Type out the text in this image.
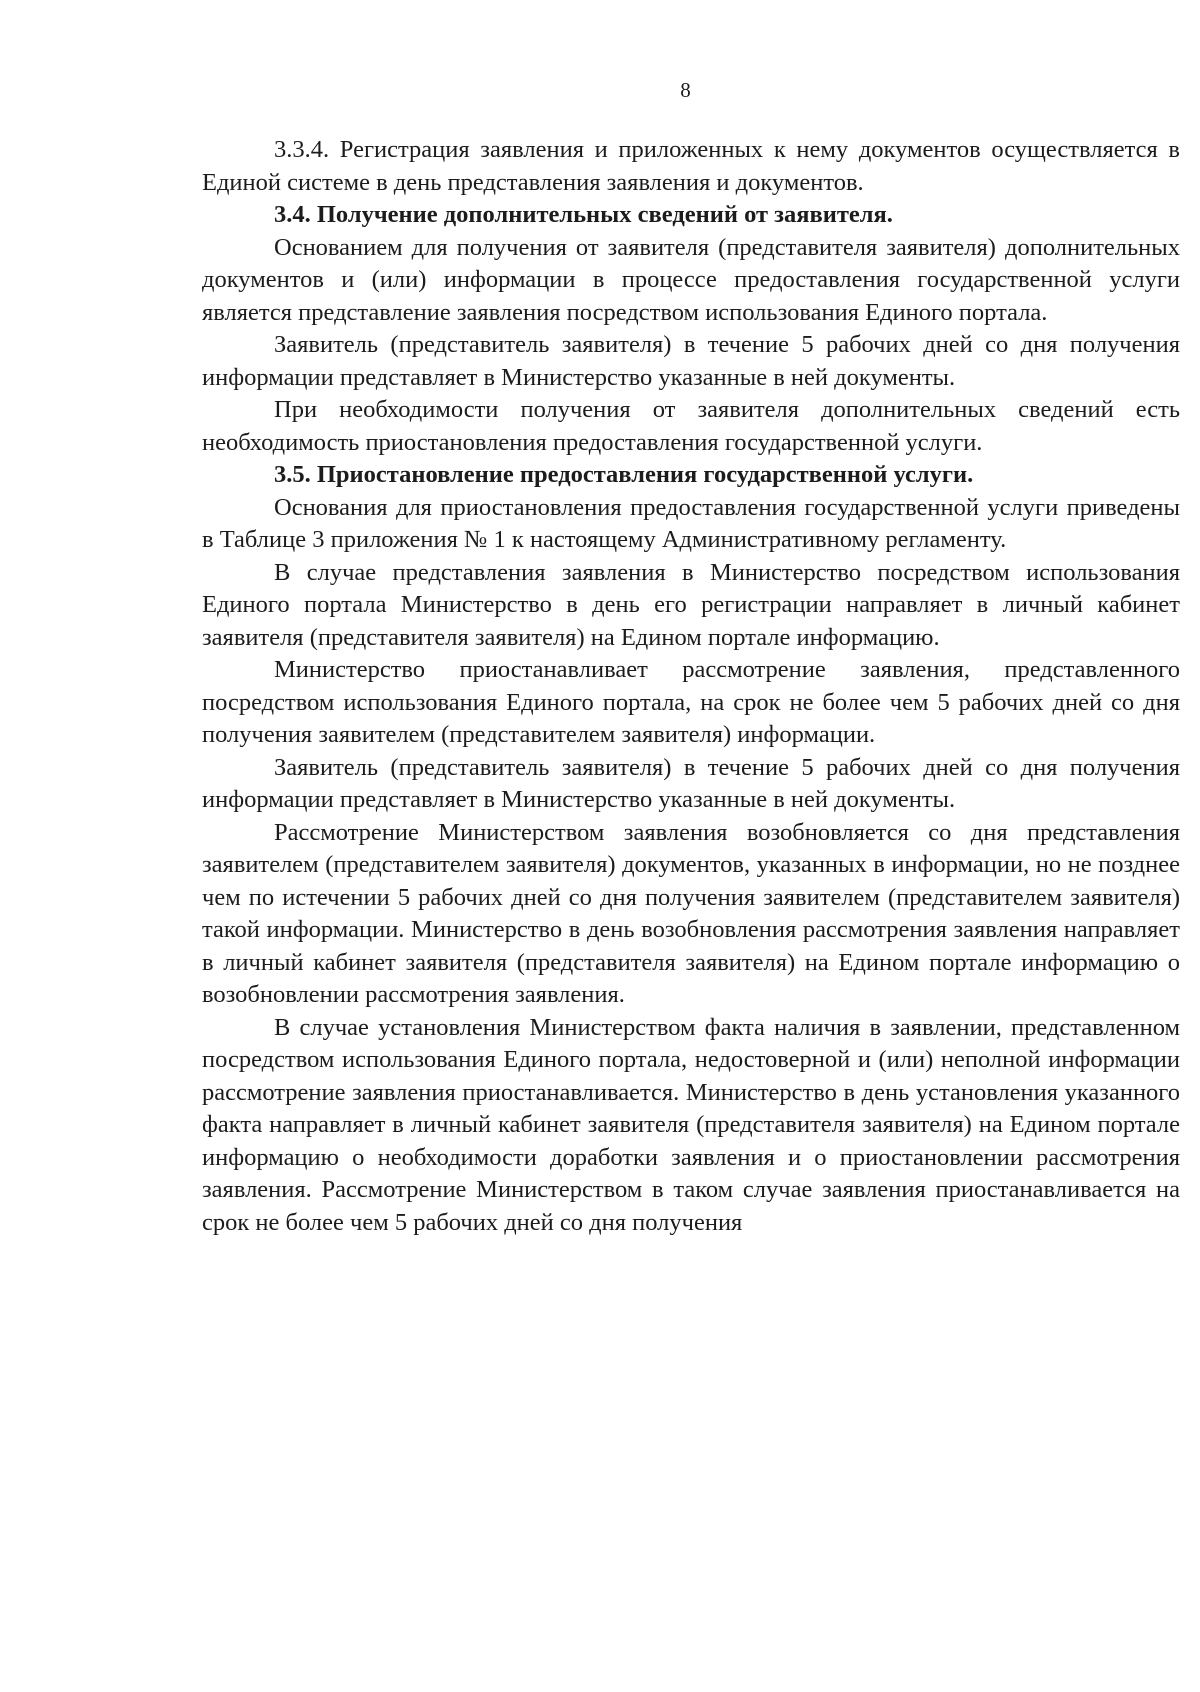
8

3.3.4. Регистрация заявления и приложенных к нему документов осуществляется в Единой системе в день представления заявления и документов.

3.4. Получение дополнительных сведений от заявителя.

Основанием для получения от заявителя (представителя заявителя) дополнительных документов и (или) информации в процессе предоставления государственной услуги является представление заявления посредством использования Единого портала.

Заявитель (представитель заявителя) в течение 5 рабочих дней со дня получения информации представляет в Министерство указанные в ней документы.

При необходимости получения от заявителя дополнительных сведений есть необходимость приостановления предоставления государственной услуги.

3.5. Приостановление предоставления государственной услуги.

Основания для приостановления предоставления государственной услуги приведены в Таблице 3 приложения № 1 к настоящему Административному регламенту.

В случае представления заявления в Министерство посредством использования Единого портала Министерство в день его регистрации направляет в личный кабинет заявителя (представителя заявителя) на Едином портале информацию.

Министерство приостанавливает рассмотрение заявления, представленного посредством использования Единого портала, на срок не более чем 5 рабочих дней со дня получения заявителем (представителем заявителя) информации.

Заявитель (представитель заявителя) в течение 5 рабочих дней со дня получения информации представляет в Министерство указанные в ней документы.

Рассмотрение Министерством заявления возобновляется со дня представления заявителем (представителем заявителя) документов, указанных в информации, но не позднее чем по истечении 5 рабочих дней со дня получения заявителем (представителем заявителя) такой информации. Министерство в день возобновления рассмотрения заявления направляет в личный кабинет заявителя (представителя заявителя) на Едином портале информацию о возобновлении рассмотрения заявления.

В случае установления Министерством факта наличия в заявлении, представленном посредством использования Единого портала, недостоверной и (или) неполной информации рассмотрение заявления приостанавливается. Министерство в день установления указанного факта направляет в личный кабинет заявителя (представителя заявителя) на Едином портале информацию о необходимости доработки заявления и о приостановлении рассмотрения заявления. Рассмотрение Министерством в таком случае заявления приостанавливается на срок не более чем 5 рабочих дней со дня получения
